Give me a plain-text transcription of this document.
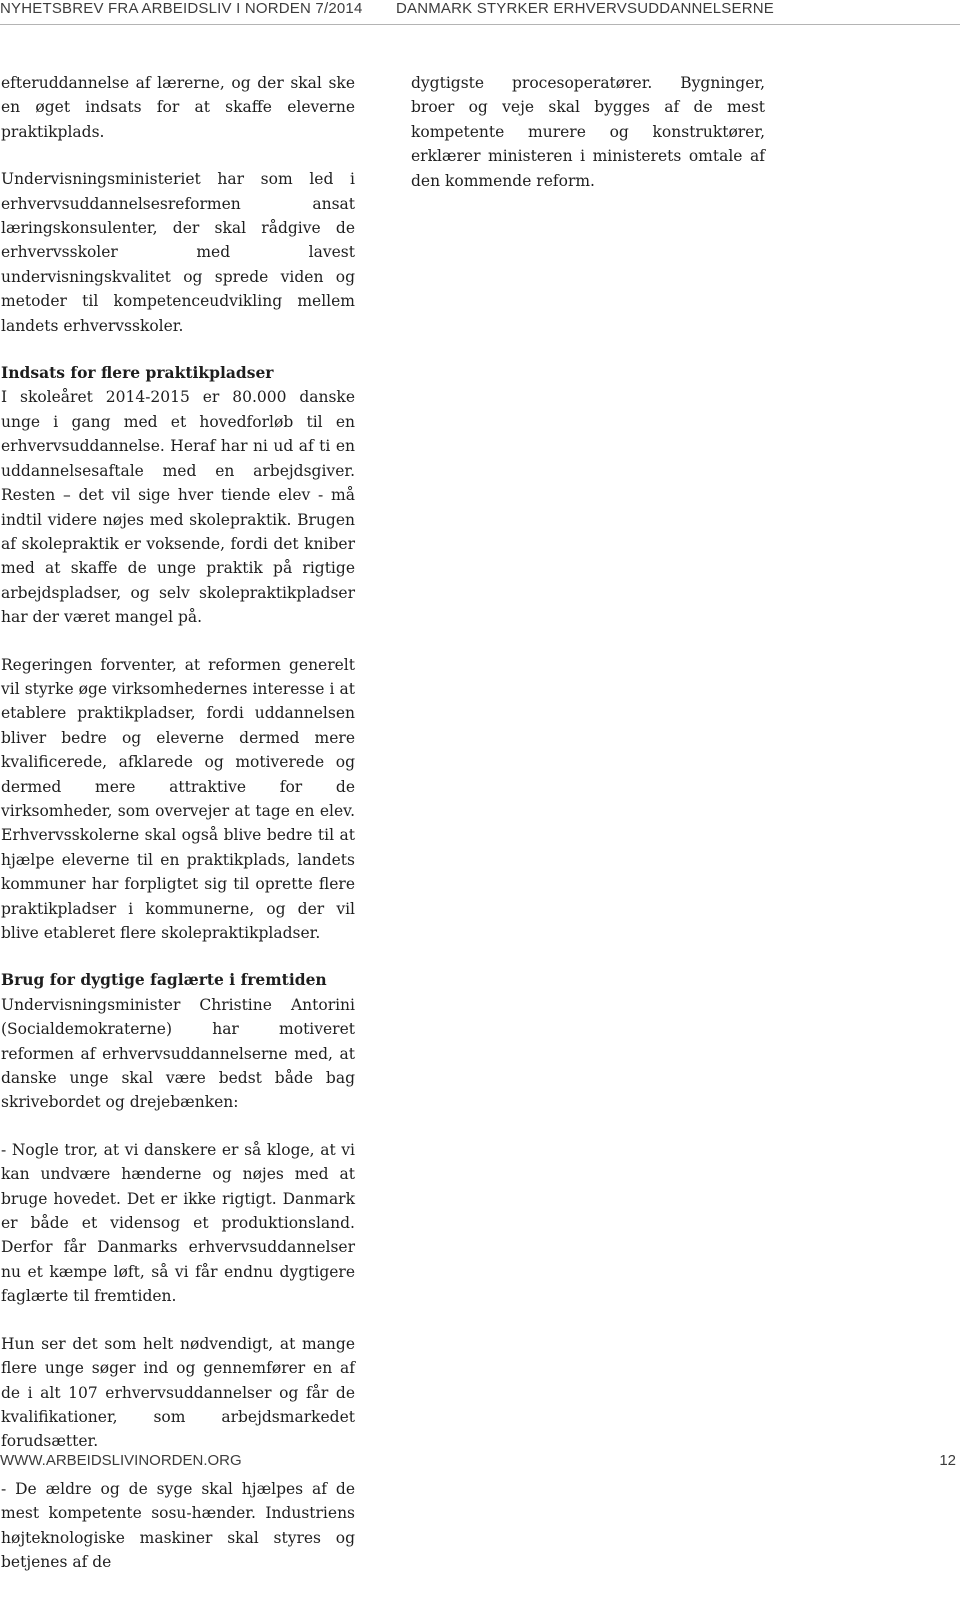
NYHETSBREV FRA ARBEIDSLIV I NORDEN 7/2014 DANMARK STYRKER ERHVERVSUDDANNELSERNE

efteruddannelse af lærerne, og der skal ske en øget indsats for at skaffe eleverne praktikplads.

Undervisningsministeriet har som led i erhvervsuddannelsesreformen ansat læringskonsulenter, der skal rådgive de erhvervsskoler med lavest undervisningskvalitet og sprede viden og metoder til kompetenceudvikling mellem landets erhvervsskoler.

Indsats for flere praktikpladser

I skoleåret 2014-2015 er 80.000 danske unge i gang med et hovedforløb til en erhvervsuddannelse. Heraf har ni ud af ti en uddannelsesaftale med en arbejdsgiver. Resten – det vil sige hver tiende elev - må indtil videre nøjes med skolepraktik. Brugen af skolepraktik er voksende, fordi det kniber med at skaffe de unge praktik på rigtige arbejdspladser, og selv skolepraktikpladser har der været mangel på.

Regeringen forventer, at reformen generelt vil styrke øge virksomhedernes interesse i at etablere praktikpladser, fordi uddannelsen bliver bedre og eleverne dermed mere kvalificerede, afklarede og motiverede og dermed mere attraktive for de virksomheder, som overvejer at tage en elev. Erhvervsskolerne skal også blive bedre til at hjælpe eleverne til en praktikplads, landets kommuner har forpligtet sig til oprette flere praktikpladser i kommunerne, og der vil blive etableret flere skolepraktikpladser.

Brug for dygtige faglærte i fremtiden

Undervisningsminister Christine Antorini (Socialdemokraterne) har motiveret reformen af erhvervsuddannelserne med, at danske unge skal være bedst både bag skrivebordet og drejebænken:

- Nogle tror, at vi danskere er så kloge, at vi kan undvære hænderne og nøjes med at bruge hovedet. Det er ikke rigtigt. Danmark er både et vidensog et produktionsland. Derfor får Danmarks erhvervsuddannelser nu et kæmpe løft, så vi får endnu dygtigere faglærte til fremtiden.

Hun ser det som helt nødvendigt, at mange flere unge søger ind og gennemfører en af de i alt 107 erhvervsuddannelser og får de kvalifikationer, som arbejdsmarkedet forudsætter.

- De ældre og de syge skal hjælpes af de mest kompetente sosu-hænder. Industriens højteknologiske maskiner skal styres og betjenes af de

dygtigste procesoperatører. Bygninger, broer og veje skal bygges af de mest kompetente murere og konstruktører, erklærer ministeren i ministerets omtale af den kommende reform.

WWW.ARBEIDSLIVINORDEN.ORG	12
